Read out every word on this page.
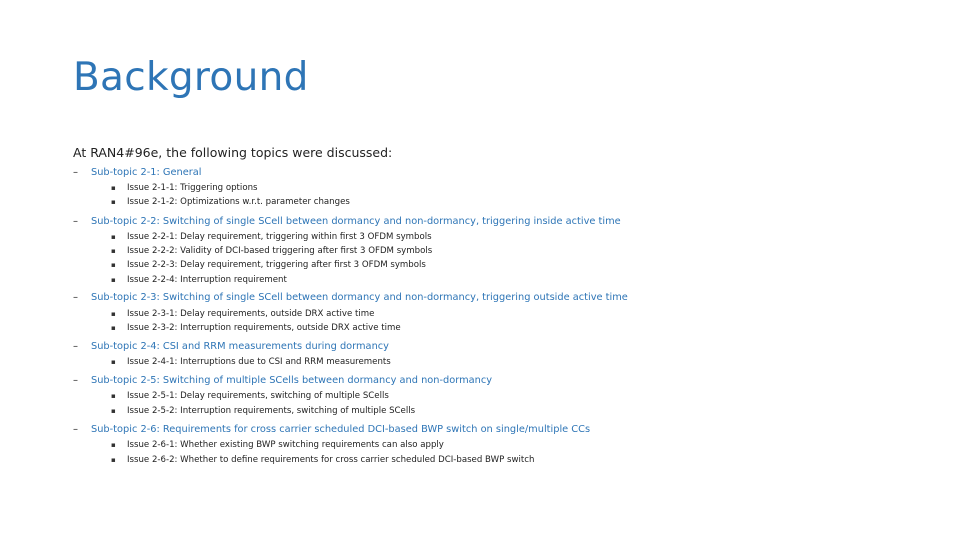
Background
At RAN4#96e, the following topics were discussed:
– Sub-topic 2-1: General
▪ Issue 2-1-1: Triggering options
▪ Issue 2-1-2: Optimizations w.r.t. parameter changes
– Sub-topic 2-2: Switching of single SCell between dormancy and non-dormancy, triggering inside active time
▪ Issue 2-2-1: Delay requirement, triggering within first 3 OFDM symbols
▪ Issue 2-2-2: Validity of DCI-based triggering after first 3 OFDM symbols
▪ Issue 2-2-3: Delay requirement, triggering after first 3 OFDM symbols
▪ Issue 2-2-4: Interruption requirement
– Sub-topic 2-3: Switching of single SCell between dormancy and non-dormancy, triggering outside active time
▪ Issue 2-3-1: Delay requirements, outside DRX active time
▪ Issue 2-3-2: Interruption requirements, outside DRX active time
– Sub-topic 2-4: CSI and RRM measurements during dormancy
▪ Issue 2-4-1: Interruptions due to CSI and RRM measurements
– Sub-topic 2-5: Switching of multiple SCells between dormancy and non-dormancy
▪ Issue 2-5-1: Delay requirements, switching of multiple SCells
▪ Issue 2-5-2: Interruption requirements, switching of multiple SCells
– Sub-topic 2-6: Requirements for cross carrier scheduled DCI-based BWP switch on single/multiple CCs
▪ Issue 2-6-1: Whether existing BWP switching requirements can also apply
▪ Issue 2-6-2: Whether to define requirements for cross carrier scheduled DCI-based BWP switch
